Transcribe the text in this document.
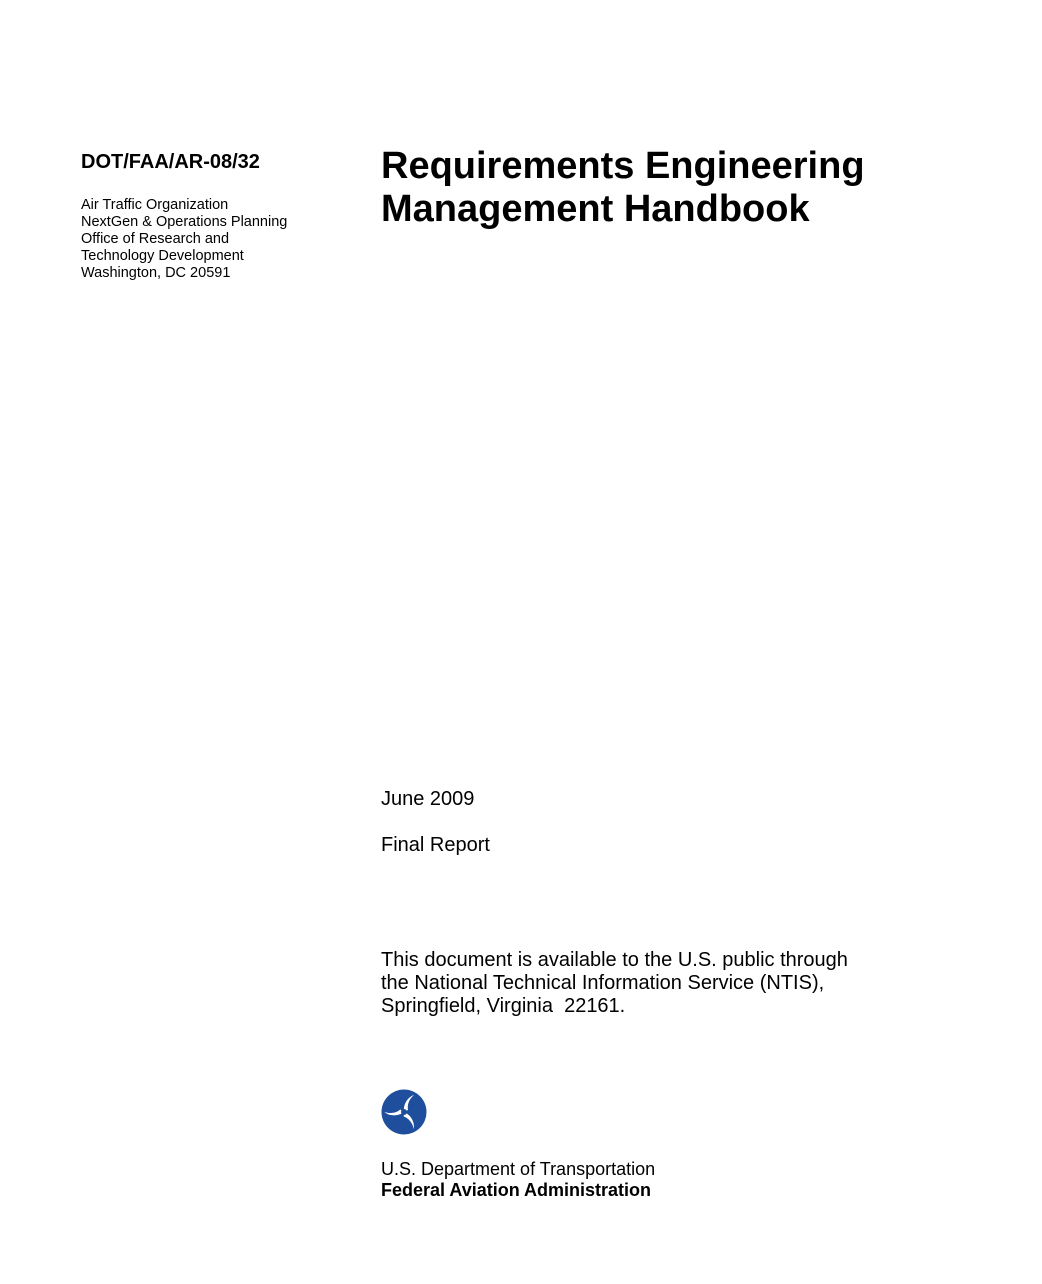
DOT/FAA/AR-08/32
Air Traffic Organization
NextGen & Operations Planning
Office of Research and
Technology Development
Washington, DC 20591
Requirements Engineering
Management Handbook
June 2009
Final Report
This document is available to the U.S. public through
the National Technical Information Service (NTIS),
Springfield, Virginia  22161.
U.S. Department of Transportation
Federal Aviation Administration
